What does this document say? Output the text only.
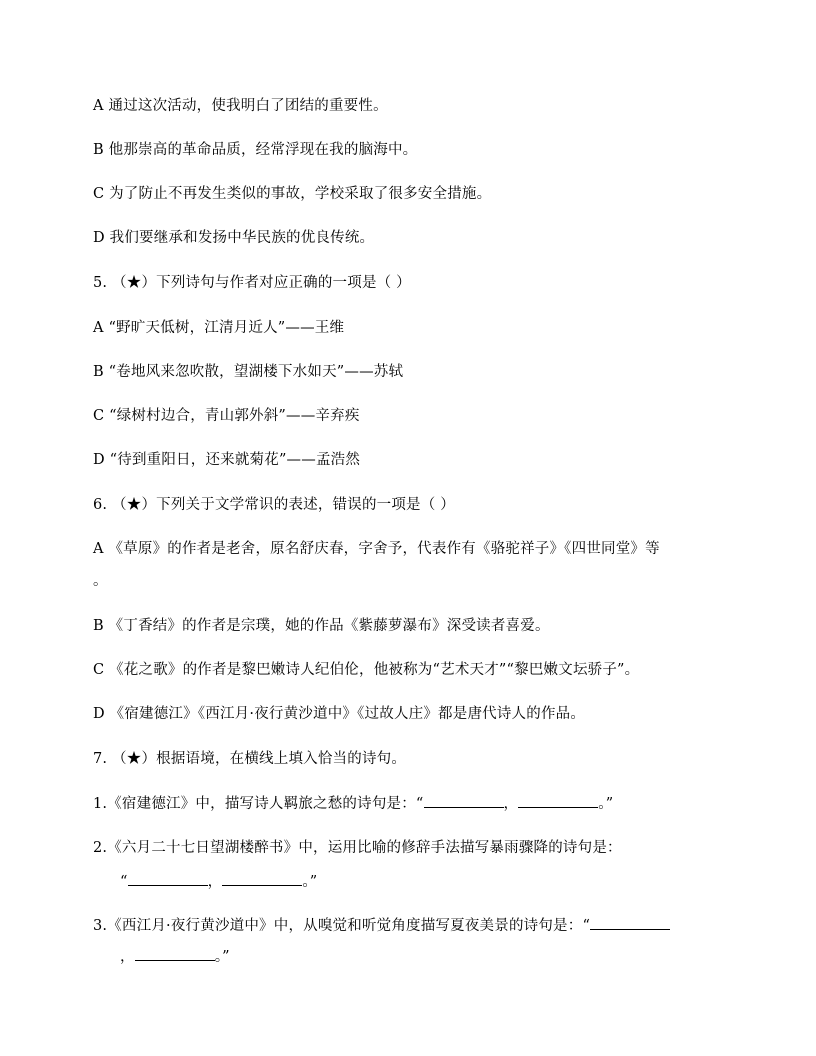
A 通过这次活动，使我明白了团结的重要性。
B 他那崇高的革命品质，经常浮现在我的脑海中。
C 为了防止不再发生类似的事故，学校采取了很多安全措施。
D 我们要继承和发扬中华民族的优良传统。
5. （★）下列诗句与作者对应正确的一项是（ ）
A “野旷天低树，江清月近人”——王维
B “卷地风来忽吹散，望湖楼下水如天”——苏轼
C “绿树村边合，青山郭外斜”——辛弃疾
D “待到重阳日，还来就菊花”——孟浩然
6. （★）下列关于文学常识的表述，错误的一项是（ ）
A 《草原》的作者是老舍，原名舒庆春，字舍予，代表作有《骆驼祥子》《四世同堂》等
。
B 《丁香结》的作者是宗璞，她的作品《紫藤萝瀑布》深受读者喜爱。
C 《花之歌》的作者是黎巴嫩诗人纪伯伦，他被称为“艺术天才”“黎巴嫩文坛骄子”。
D 《宿建德江》《西江月·夜行黄沙道中》《过故人庄》都是唐代诗人的作品。
7. （★）根据语境，在横线上填入恰当的诗句。
1.《宿建德江》中，描写诗人羁旅之愁的诗句是：“	，	。”
2.《六月二十七日望湖楼醉书》中，运用比喻的修辞手法描写暴雨骤降的诗句是：
“	，	。”
3.《西江月·夜行黄沙道中》中，从嗅觉和听觉角度描写夏夜美景的诗句是：“
，	。”
